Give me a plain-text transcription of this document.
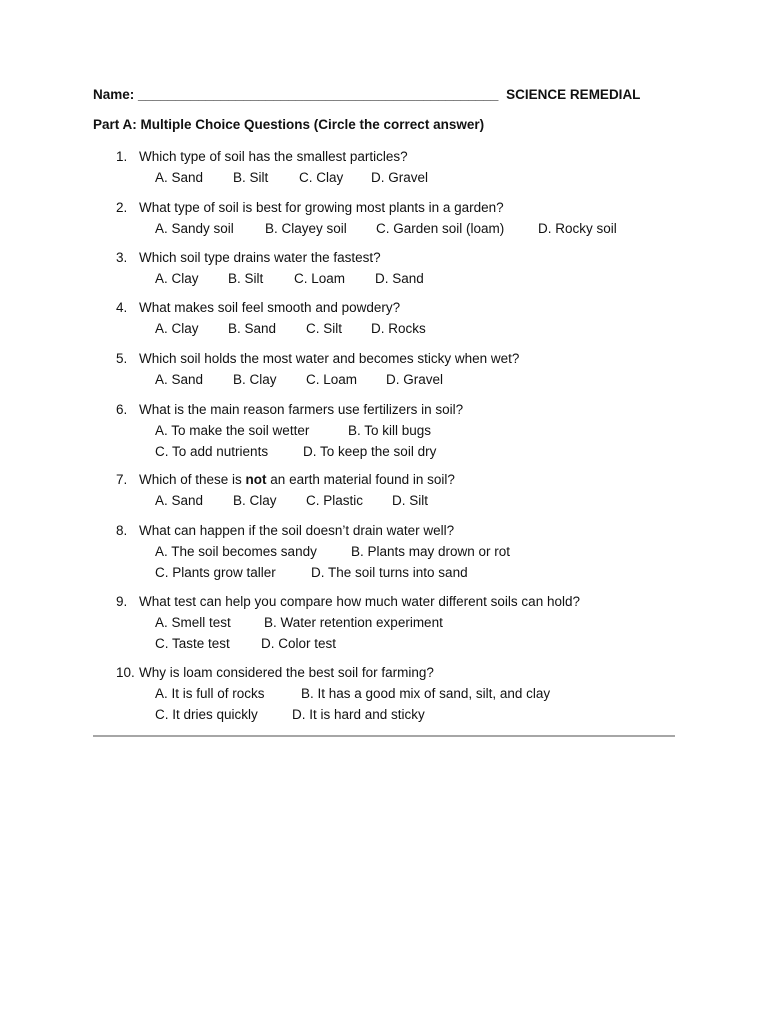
Name: ________________________________________________ SCIENCE REMEDIAL
Part A: Multiple Choice Questions (Circle the correct answer)
1. Which type of soil has the smallest particles?
A. Sand B. Silt C. Clay D. Gravel
2. What type of soil is best for growing most plants in a garden?
A. Sandy soil B. Clayey soil C. Garden soil (loam) D. Rocky soil
3. Which soil type drains water the fastest?
A. Clay B. Silt C. Loam D. Sand
4. What makes soil feel smooth and powdery?
A. Clay B. Sand C. Silt D. Rocks
5. Which soil holds the most water and becomes sticky when wet?
A. Sand B. Clay C. Loam D. Gravel
6. What is the main reason farmers use fertilizers in soil?
A. To make the soil wetter	B. To kill bugs
C. To add nutrients	D. To keep the soil dry
7. Which of these is not an earth material found in soil?
A. Sand B. Clay C. Plastic D. Silt
8. What can happen if the soil doesn’t drain water well?
A. The soil becomes sandy	B. Plants may drown or rot
C. Plants grow taller	D. The soil turns into sand
9. What test can help you compare how much water different soils can hold?
A. Smell test B. Water retention experiment
C. Taste test D. Color test
10. Why is loam considered the best soil for farming?
A. It is full of rocks	B. It has a good mix of sand, silt, and clay
C. It dries quickly	D. It is hard and sticky
